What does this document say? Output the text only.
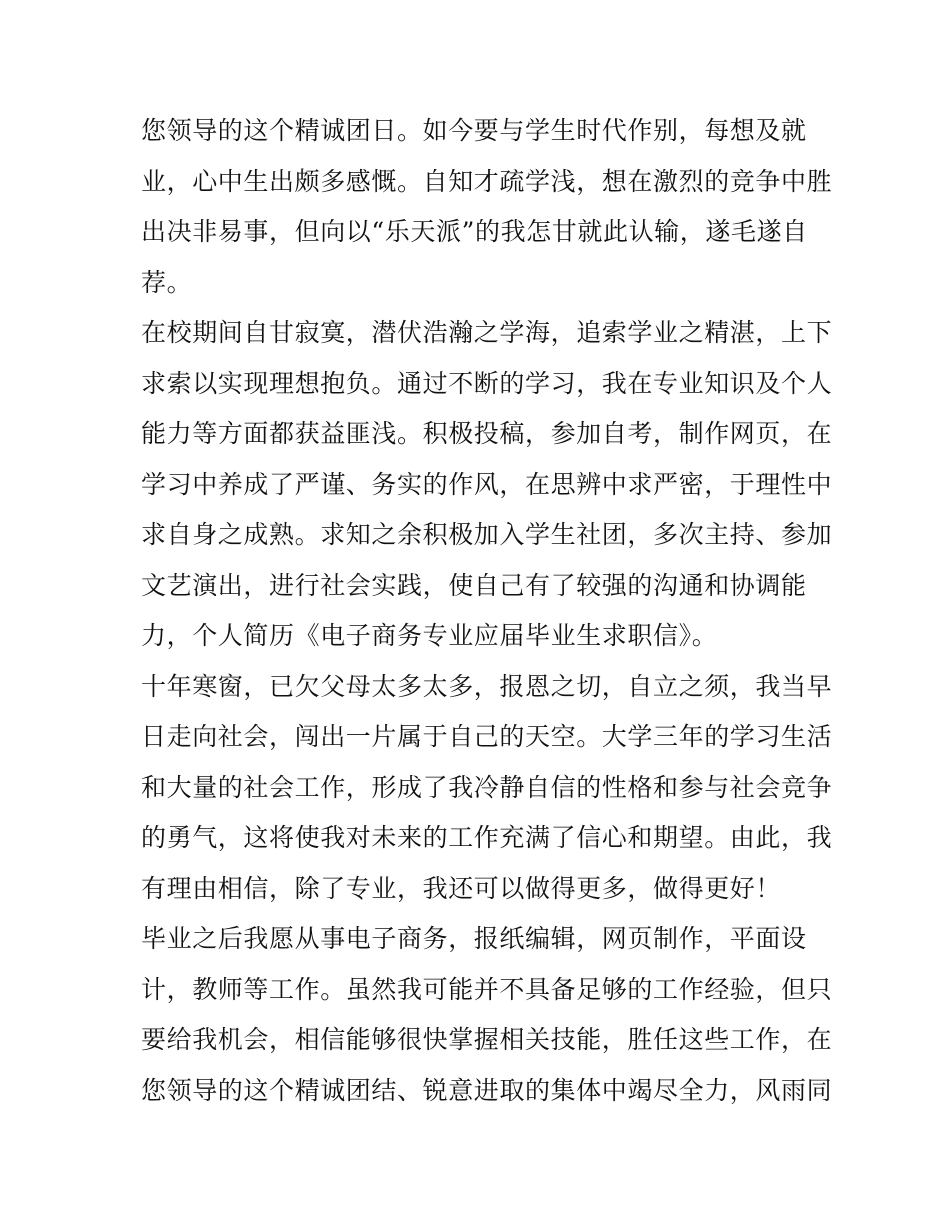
您领导的这个精诚团日。如今要与学生时代作别，每想及就
业，心中生出颇多感慨。自知才疏学浅，想在激烈的竞争中胜
出决非易事，但向以“乐天派”的我怎甘就此认输，遂毛遂自
荐。
在校期间自甘寂寞，潜伏浩瀚之学海，追索学业之精湛，上下
求索以实现理想抱负。通过不断的学习，我在专业知识及个人
能力等方面都获益匪浅。积极投稿，参加自考，制作网页，在
学习中养成了严谨、务实的作风，在思辨中求严密，于理性中
求自身之成熟。求知之余积极加入学生社团，多次主持、参加
文艺演出，进行社会实践，使自己有了较强的沟通和协调能
力，个人简历《电子商务专业应届毕业生求职信》。
十年寒窗，已欠父母太多太多，报恩之切，自立之须，我当早
日走向社会，闯出一片属于自己的天空。大学三年的学习生活
和大量的社会工作，形成了我冷静自信的性格和参与社会竞争
的勇气，这将使我对未来的工作充满了信心和期望。由此，我
有理由相信，除了专业，我还可以做得更多，做得更好！
毕业之后我愿从事电子商务，报纸编辑，网页制作，平面设
计，教师等工作。虽然我可能并不具备足够的工作经验，但只
要给我机会，相信能够很快掌握相关技能，胜任这些工作，在
您领导的这个精诚团结、锐意进取的集体中竭尽全力，风雨同
